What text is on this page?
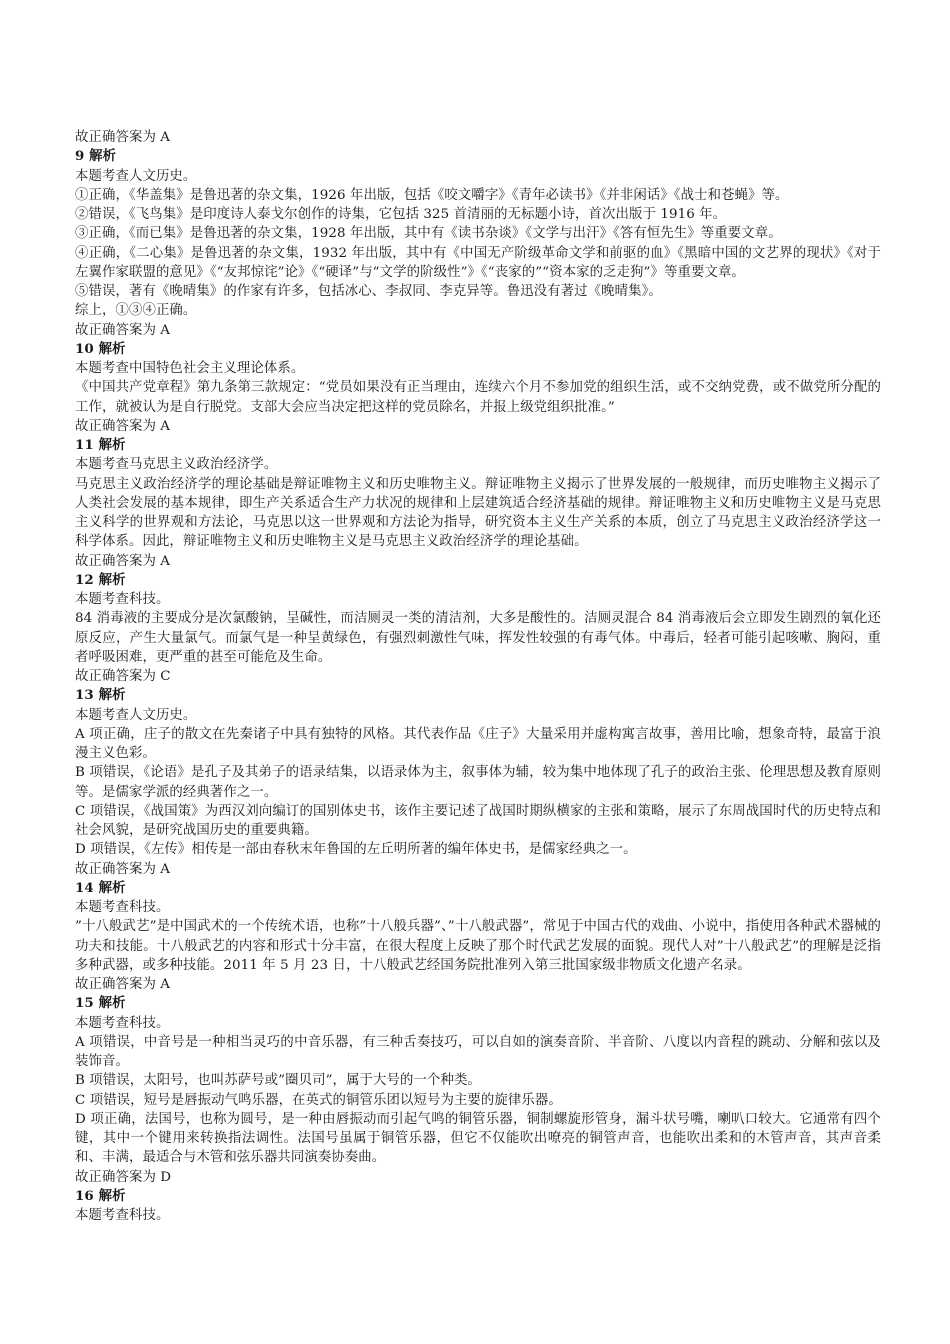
故正确答案为 A

9 解析

本题考查人文历史。

①正确，《华盖集》是鲁迅著的杂文集，1926 年出版，包括《咬文嚼字》《青年必读书》《并非闲话》《战士和苍蝇》等。

②错误，《飞鸟集》是印度诗人泰戈尔创作的诗集，它包括 325 首清丽的无标题小诗，首次出版于 1916 年。

③正确，《而已集》是鲁迅著的杂文集，1928 年出版，其中有《读书杂谈》《文学与出汗》《答有恒先生》等重要文章。

④正确，《二心集》是鲁迅著的杂文集，1932 年出版，其中有《中国无产阶级革命文学和前驱的血》《黑暗中国的文艺界的现状》《对于左翼作家联盟的意见》《“友邦惊诧”论》《“硬译”与“文学的阶级性”》《“丧家的”“资本家的乏走狗”》等重要文章。

⑤错误，著有《晚晴集》的作家有许多，包括冰心、李叔同、李克异等。鲁迅没有著过《晚晴集》。

综上，①③④正确。

故正确答案为 A

10 解析

本题考查中国特色社会主义理论体系。

《中国共产党章程》第九条第三款规定：“党员如果没有正当理由，连续六个月不参加党的组织生活，或不交纳党费，或不做党所分配的工作，就被认为是自行脱党。支部大会应当决定把这样的党员除名，并报上级党组织批准。”

故正确答案为 A

11 解析

本题考查马克思主义政治经济学。

马克思主义政治经济学的理论基础是辩证唯物主义和历史唯物主义。辩证唯物主义揭示了世界发展的一般规律，而历史唯物主义揭示了人类社会发展的基本规律，即生产关系适合生产力状况的规律和上层建筑适合经济基础的规律。辩证唯物主义和历史唯物主义是马克思主义科学的世界观和方法论，马克思以这一世界观和方法论为指导，研究资本主义生产关系的本质，创立了马克思主义政治经济学这一科学体系。因此，辩证唯物主义和历史唯物主义是马克思主义政治经济学的理论基础。

故正确答案为 A

12 解析

本题考查科技。

84 消毒液的主要成分是次氯酸钠，呈碱性，而洁厕灵一类的清洁剂，大多是酸性的。洁厕灵混合 84 消毒液后会立即发生剧烈的氧化还原反应，产生大量氯气。而氯气是一种呈黄绿色，有强烈刺激性气味，挥发性较强的有毒气体。中毒后，轻者可能引起咳嗽、胸闷，重者呼吸困难，更严重的甚至可能危及生命。

故正确答案为 C

13 解析

本题考查人文历史。

A 项正确，庄子的散文在先秦诸子中具有独特的风格。其代表作品《庄子》大量采用并虚构寓言故事，善用比喻，想象奇特，最富于浪漫主义色彩。

B 项错误，《论语》是孔子及其弟子的语录结集，以语录体为主，叙事体为辅，较为集中地体现了孔子的政治主张、伦理思想及教育原则等。是儒家学派的经典著作之一。

C 项错误，《战国策》为西汉刘向编订的国别体史书，该作主要记述了战国时期纵横家的主张和策略，展示了东周战国时代的历史特点和社会风貌，是研究战国历史的重要典籍。

D 项错误，《左传》相传是一部由春秋末年鲁国的左丘明所著的编年体史书，是儒家经典之一。

故正确答案为 A

14 解析

本题考查科技。

”十八般武艺”是中国武术的一个传统术语，也称”十八般兵器”、”十八般武器”，常见于中国古代的戏曲、小说中，指使用各种武术器械的功夫和技能。十八般武艺的内容和形式十分丰富，在很大程度上反映了那个时代武艺发展的面貌。现代人对”十八般武艺”的理解是泛指多种武器，或多种技能。2011 年 5 月 23 日，十八般武艺经国务院批准列入第三批国家级非物质文化遗产名录。

故正确答案为 A

15 解析

本题考查科技。

A 项错误，中音号是一种相当灵巧的中音乐器，有三种舌奏技巧，可以自如的演奏音阶、半音阶、八度以内音程的跳动、分解和弦以及装饰音。

B 项错误，太阳号，也叫苏萨号或”圈贝司”，属于大号的一个种类。

C 项错误，短号是唇振动气鸣乐器，在英式的铜管乐团以短号为主要的旋律乐器。

D 项正确，法国号，也称为圆号，是一种由唇振动而引起气鸣的铜管乐器，铜制螺旋形管身，漏斗状号嘴，喇叭口较大。它通常有四个键，其中一个键用来转换指法调性。法国号虽属于铜管乐器，但它不仅能吹出嘹亮的铜管声音，也能吹出柔和的木管声音，其声音柔和、丰满，最适合与木管和弦乐器共同演奏协奏曲。

故正确答案为 D

16 解析

本题考查科技。
